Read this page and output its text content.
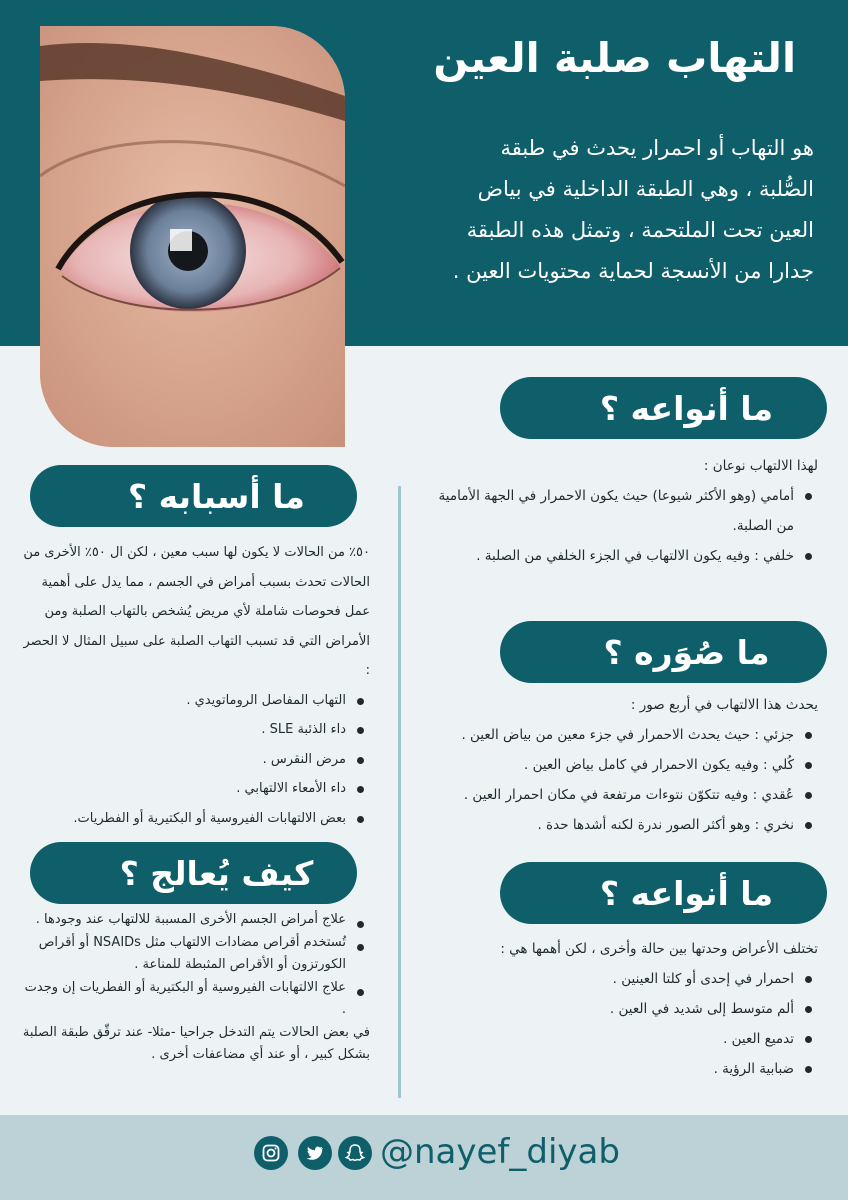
التهاب صلبة العين
هو التهاب أو احمرار يحدث في طبقة
الصُّلبة ، وهي الطبقة الداخلية في بياض
العين تحت الملتحمة ، وتمثل هذه الطبقة
جدارا من الأنسجة لحماية محتويات العين .
ما أنواعه ؟
لهذا الالتهاب نوعان :
أمامي (وهو الأكثر شيوعا) حيث يكون الاحمرار في الجهة الأمامية من الصلبة.
خلفي : وفيه يكون الالتهاب في الجزء الخلفي من الصلبة .
ما أسبابه ؟
٥٠٪ من الحالات لا يكون لها سبب معين ، لكن ال ٥٠٪ الأخرى من الحالات تحدث بسبب أمراض في الجسم ، مما يدل على أهمية عمل فحوصات شاملة لأي مريض يُشخص بالتهاب الصلبة ومن الأمراض التي قد تسبب التهاب الصلبة على سبيل المثال لا الحصر :
التهاب المفاصل الروماتويدي .
داء الذئبة SLE .
مرض النقرس .
داء الأمعاء الالتهابي .
بعض الالتهابات الفيروسية أو البكتيرية أو الفطريات.
ما صُوَره ؟
يحدث هذا الالتهاب في أربع صور :
جزئي : حيث يحدث الاحمرار في جزء معين من بياض العين .
كُلي : وفيه يكون الاحمرار في كامل بياض العين .
عُقدي : وفيه تتكوّن نتوءات مرتفعة في مكان احمرار العين .
نخري : وهو أكثر الصور ندرة لكنه أشدها حدة .
كيف يُعالج ؟
علاج أمراض الجسم الأخرى المسببة للالتهاب عند وجودها .
تُستخدم أقراص مضادات الالتهاب مثل NSAIDs أو أقراص الكورتزون أو الأقراص المثبطة للمناعة .
علاج الالتهابات الفيروسية أو البكتيرية أو الفطريات إن وجدت .
في بعض الحالات يتم التدخل جراحيا -مثلا- عند ترقّق طبقة الصلبة بشكل كبير ، أو عند أي مضاعفات أخرى .
ما أنواعه ؟
تختلف الأعراض وحدتها بين حالة وأخرى ، لكن أهمها هي :
احمرار في إحدى أو كلتا العينين .
ألم متوسط إلى شديد في العين .
تدميع العين .
ضبابية الرؤية .
@nayef_diyab
